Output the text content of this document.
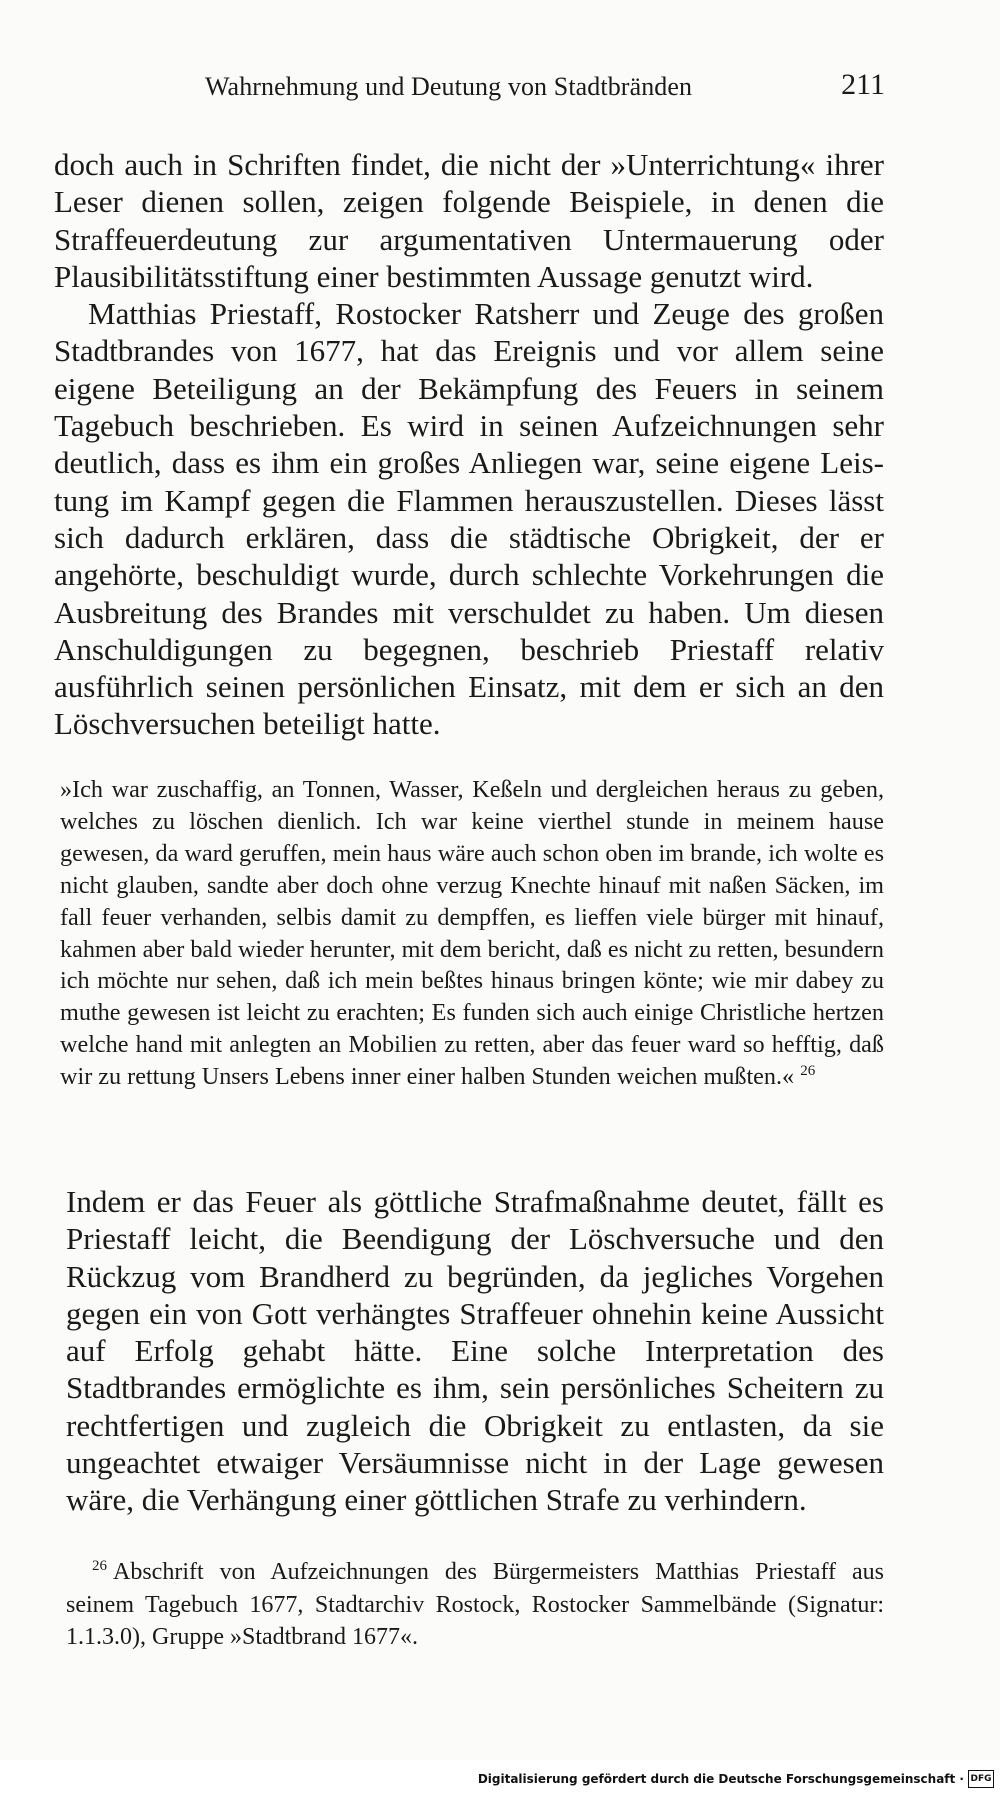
Wahrnehmung und Deutung von Stadtbränden	211

doch auch in Schriften findet, die nicht der »Unterrichtung« ihrer Leser dienen sollen, zeigen folgende Beispiele, in denen die Straffeuerdeutung zur argumentativen Untermauerung oder Plausibilitätsstiftung einer bestimmten Aussage genutzt wird.

Matthias Priestaff, Rostocker Ratsherr und Zeuge des großen Stadtbrandes von 1677, hat das Ereignis und vor allem seine eigene Beteiligung an der Bekämpfung des Feuers in seinem Tagebuch beschrieben. Es wird in seinen Aufzeichnungen sehr deutlich, dass es ihm ein großes Anliegen war, seine eigene Leistung im Kampf gegen die Flammen herauszustellen. Dieses lässt sich dadurch erklären, dass die städtische Obrigkeit, der er angehörte, beschuldigt wurde, durch schlechte Vorkehrungen die Ausbreitung des Brandes mit verschuldet zu haben. Um diesen Anschuldigungen zu begegnen, beschrieb Priestaff relativ ausführlich seinen persönlichen Einsatz, mit dem er sich an den Löschversuchen beteiligt hatte.

»Ich war zuschaffig, an Tonnen, Wasser, Keßeln und dergleichen heraus zu geben, welches zu löschen dienlich. Ich war keine vierthel stunde in meinem hause gewesen, da ward geruffen, mein haus wäre auch schon oben im brande, ich wolte es nicht glauben, sandte aber doch ohne verzug Knechte hinauf mit naßen Säcken, im fall feuer verhanden, selbis damit zu dempffen, es lieffen viele bürger mit hinauf, kahmen aber bald wieder herunter, mit dem bericht, daß es nicht zu retten, besundern ich möchte nur sehen, daß ich mein beßtes hinaus bringen könte; wie mir dabey zu muthe gewesen ist leicht zu erachten; Es funden sich auch einige Christliche hertzen welche hand mit anlegten an Mobilien zu retten, aber das feuer ward so hefftig, daß wir zu rettung Unsers Lebens inner einer halben Stunden weichen mußten.« $^{26}$

Indem er das Feuer als göttliche Strafmaßnahme deutet, fällt es Priestaff leicht, die Beendigung der Löschversuche und den Rückzug vom Brandherd zu begründen, da jegliches Vorgehen gegen ein von Gott verhängtes Straffeuer ohnehin keine Aussicht auf Erfolg gehabt hätte. Eine solche Interpretation des Stadtbrandes ermöglichte es ihm, sein persönliches Scheitern zu rechtfertigen und zugleich die Obrigkeit zu entlasten, da sie ungeachtet etwaiger Versäumnisse nicht in der Lage gewesen wäre, die Verhängung einer göttlichen Strafe zu verhindern.

$^{26}$ Abschrift von Aufzeichnungen des Bürgermeisters Matthias Priestaff aus seinem Tagebuch 1677, Stadtarchiv Rostock, Rostocker Sammelbände (Signatur: 1.1.3.0), Gruppe »Stadtbrand 1677«.
Digitalisierung gefördert durch die Deutsche Forschungsgemeinschaft · DFG
